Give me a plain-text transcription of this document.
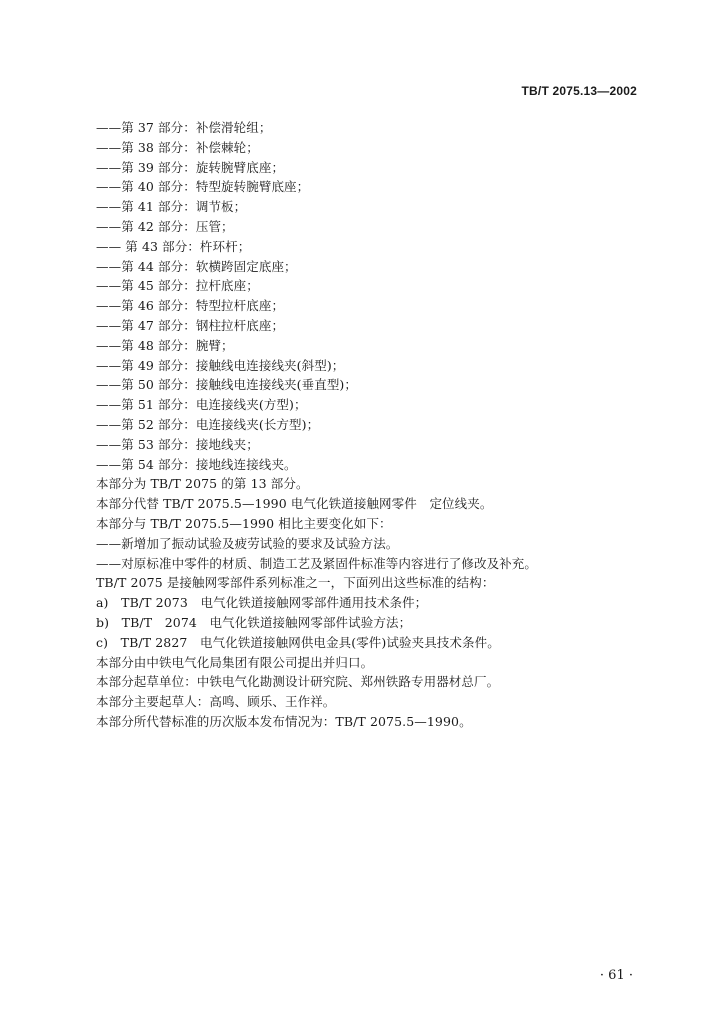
TB/T 2075.13—2002
——第 37 部分：补偿滑轮组；
——第 38 部分：补偿棘轮；
——第 39 部分：旋转腕臂底座；
——第 40 部分：特型旋转腕臂底座；
——第 41 部分：调节板；
——第 42 部分：压管；
—— 第 43 部分：杵环杆；
——第 44 部分：软横跨固定底座；
——第 45 部分：拉杆底座；
——第 46 部分：特型拉杆底座；
——第 47 部分：钢柱拉杆底座；
——第 48 部分：腕臂；
——第 49 部分：接触线电连接线夹(斜型)；
——第 50 部分：接触线电连接线夹(垂直型)；
——第 51 部分：电连接线夹(方型)；
——第 52 部分：电连接线夹(长方型)；
——第 53 部分：接地线夹；
——第 54 部分：接地线连接线夹。
本部分为 TB/T 2075 的第 13 部分。
本部分代替 TB/T 2075.5—1990 电气化铁道接触网零件　定位线夹。
本部分与 TB/T 2075.5—1990 相比主要变化如下：
——新增加了振动试验及疲劳试验的要求及试验方法。
——对原标准中零件的材质、制造工艺及紧固件标准等内容进行了修改及补充。
TB/T 2075 是接触网零部件系列标准之一，下面列出这些标准的结构：
a)　TB/T 2073　电气化铁道接触网零部件通用技术条件；
b)　TB/T　2074　电气化铁道接触网零部件试验方法；
c)　TB/T 2827　电气化铁道接触网供电金具(零件)试验夹具技术条件。
本部分由中铁电气化局集团有限公司提出并归口。
本部分起草单位：中铁电气化勘测设计研究院、郑州铁路专用器材总厂。
本部分主要起草人：高鸣、顾乐、王作祥。
本部分所代替标准的历次版本发布情况为：TB/T 2075.5—1990。
· 61 ·
